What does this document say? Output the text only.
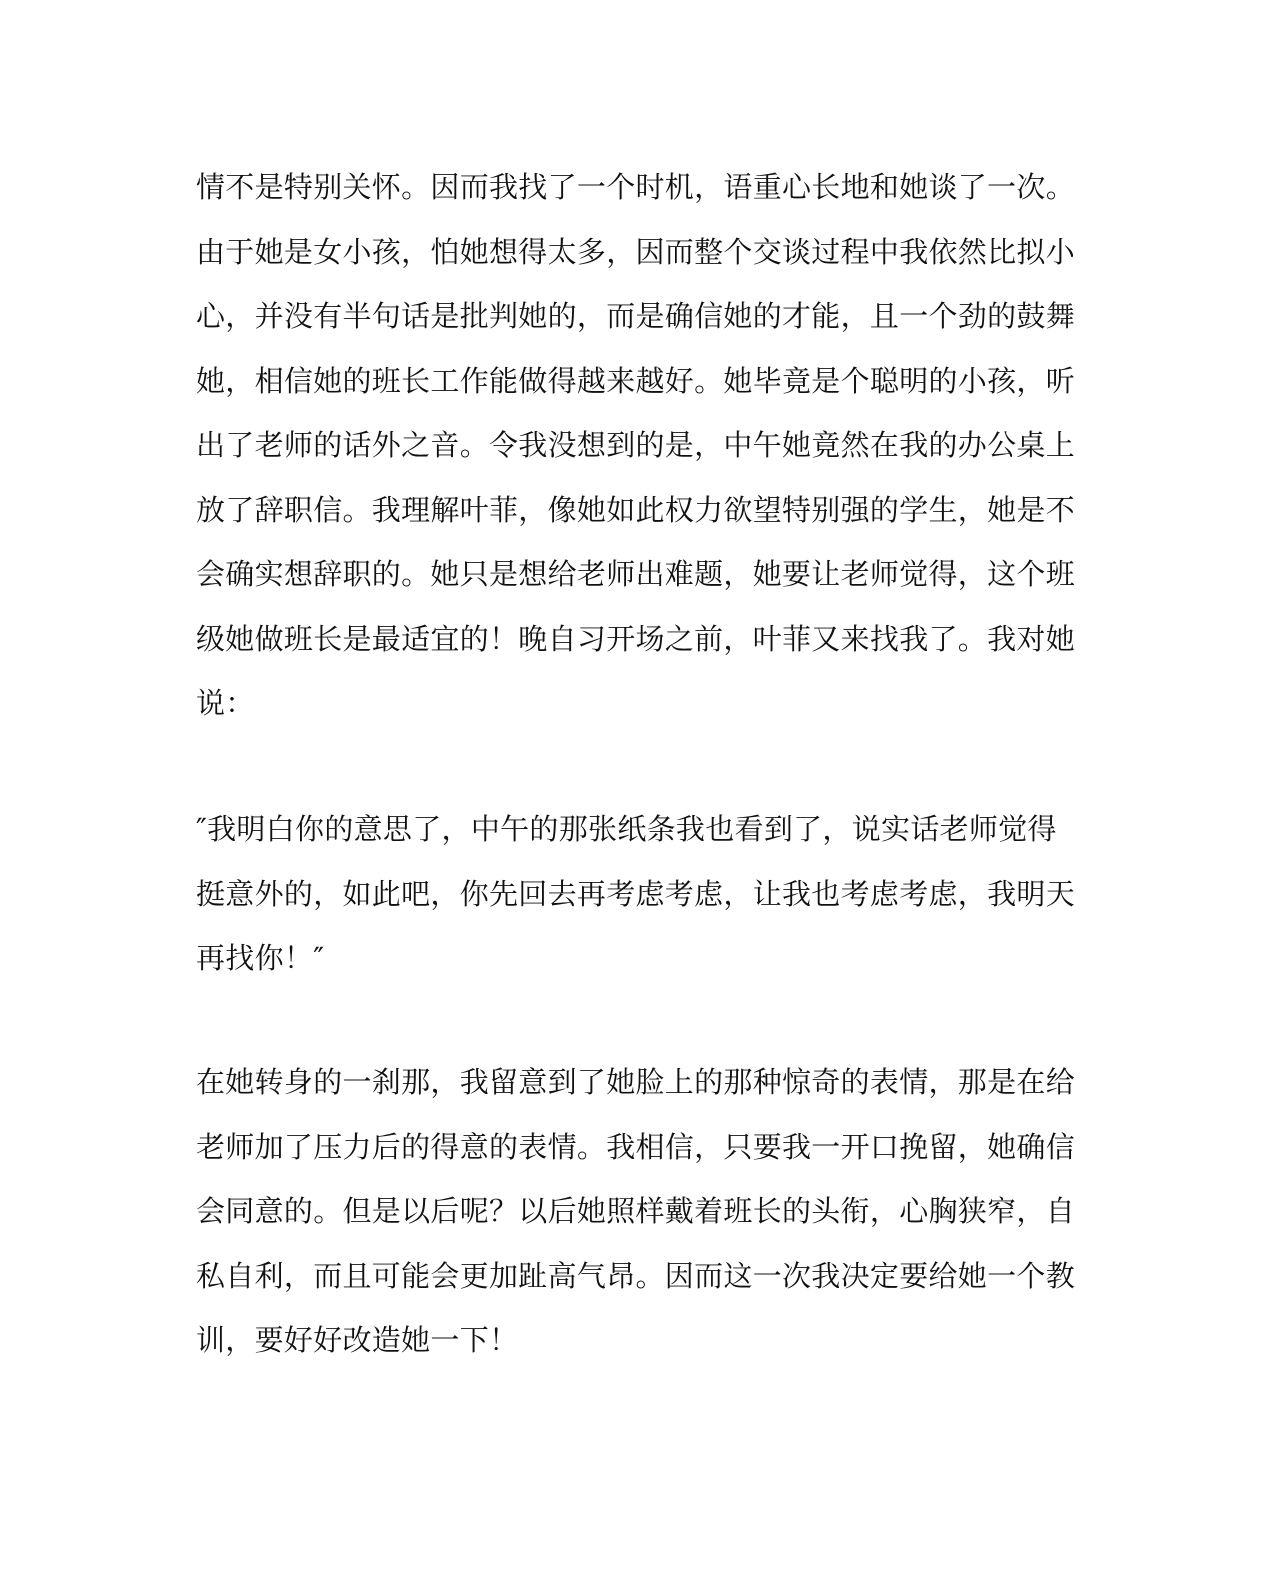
情不是特别关怀。因而我找了一个时机，语重心长地和她谈了一次。
由于她是女小孩，怕她想得太多，因而整个交谈过程中我依然比拟小
心，并没有半句话是批判她的，而是确信她的才能，且一个劲的鼓舞
她，相信她的班长工作能做得越来越好。她毕竟是个聪明的小孩，听
出了老师的话外之音。令我没想到的是，中午她竟然在我的办公桌上
放了辞职信。我理解叶菲，像她如此权力欲望特别强的学生，她是不
会确实想辞职的。她只是想给老师出难题，她要让老师觉得，这个班
级她做班长是最适宜的！晚自习开场之前，叶菲又来找我了。我对她
说：
″我明白你的意思了，中午的那张纸条我也看到了，说实话老师觉得
挺意外的，如此吧，你先回去再考虑考虑，让我也考虑考虑，我明天
再找你！″
在她转身的一刹那，我留意到了她脸上的那种惊奇的表情，那是在给
老师加了压力后的得意的表情。我相信，只要我一开口挽留，她确信
会同意的。但是以后呢？以后她照样戴着班长的头衔，心胸狭窄，自
私自利，而且可能会更加趾高气昂。因而这一次我决定要给她一个教
训，要好好改造她一下！
